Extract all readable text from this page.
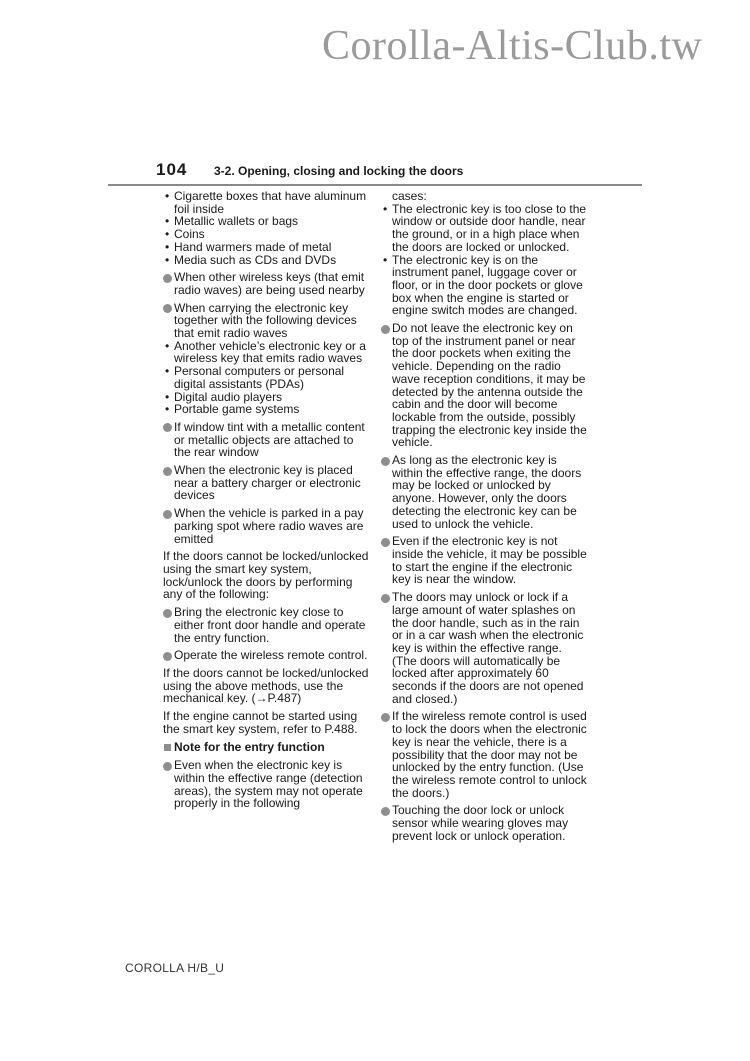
Corolla-Altis-Club.tw
104 3-2. Opening, closing and locking the doors
• Cigarette boxes that have aluminum foil inside
• Metallic wallets or bags
• Coins
• Hand warmers made of metal
• Media such as CDs and DVDs
When other wireless keys (that emit radio waves) are being used nearby
When carrying the electronic key together with the following devices that emit radio waves
• Another vehicle’s electronic key or a wireless key that emits radio waves
• Personal computers or personal digital assistants (PDAs)
• Digital audio players
• Portable game systems
If window tint with a metallic content or metallic objects are attached to the rear window
When the electronic key is placed near a battery charger or electronic devices
When the vehicle is parked in a pay parking spot where radio waves are emitted
If the doors cannot be locked/unlocked using the smart key system, lock/unlock the doors by performing any of the following:
Bring the electronic key close to either front door handle and operate the entry function.
Operate the wireless remote control.
If the doors cannot be locked/unlocked using the above methods, use the mechanical key. (→P.487)
If the engine cannot be started using the smart key system, refer to P.488.
Note for the entry function
Even when the electronic key is within the effective range (detection areas), the system may not operate properly in the following
cases:
• The electronic key is too close to the window or outside door handle, near the ground, or in a high place when the doors are locked or unlocked.
• The electronic key is on the instrument panel, luggage cover or floor, or in the door pockets or glove box when the engine is started or engine switch modes are changed.
Do not leave the electronic key on top of the instrument panel or near the door pockets when exiting the vehicle. Depending on the radio wave reception conditions, it may be detected by the antenna outside the cabin and the door will become lockable from the outside, possibly trapping the electronic key inside the vehicle.
As long as the electronic key is within the effective range, the doors may be locked or unlocked by anyone. However, only the doors detecting the electronic key can be used to unlock the vehicle.
Even if the electronic key is not inside the vehicle, it may be possible to start the engine if the electronic key is near the window.
The doors may unlock or lock if a large amount of water splashes on the door handle, such as in the rain or in a car wash when the electronic key is within the effective range. (The doors will automatically be locked after approximately 60 seconds if the doors are not opened and closed.)
If the wireless remote control is used to lock the doors when the electronic key is near the vehicle, there is a possibility that the door may not be unlocked by the entry function. (Use the wireless remote control to unlock the doors.)
Touching the door lock or unlock sensor while wearing gloves may prevent lock or unlock operation.
COROLLA H/B_U
